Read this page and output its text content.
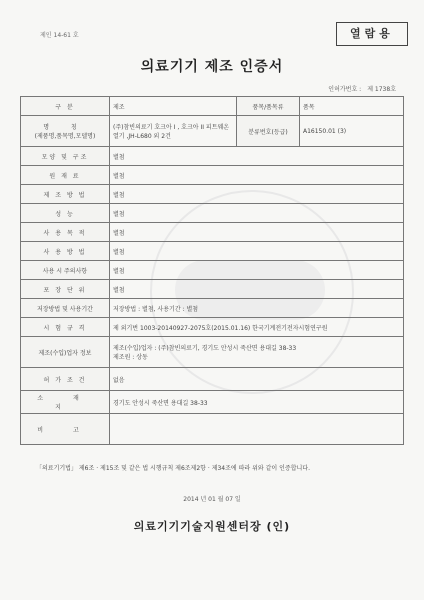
제인 14-61 호	열람용
의료기기 제조 인증서
인허가번호 : 제 1738호
구 분	제조	품목/품목류	품목

명 칭
(제품명,품목명,모델명)	(주)참빈의료기 호크아 I , 호크아 II 피트웨온열기 ,JH-L680 외 2건	분류번호(등급)	A16150.01 (3)
모양 및 구조	별첨		
원 재 료	별첨		
제 조 방 법	별첨		
성 능	별첨		
사 용 목 적	별첨		
사 용 방 법	별첨		
사용 시 주의사항	별첨		
포 장 단 위	별첨		
저장방법 및 사용기간	저장방법 : 별첨, 사용기간 : 별첨		
시 험 규 격	제 외기번 1003-20140927-2075호(2015.01.16) 한국기계전기전자시험연구원		
제조(수입)업자 정보	제조(수입)업자 : (주)참빈의료기, 경기도 안성시 죽산면 용대길 38-33
제조원 : 상동		

허 가 조 건	없음		
소 재 지	경기도 안성시 죽산면 용대길 38-33		
비 고			
「의료기기법」 제6조 · 제15조 및 같은 법 시행규칙 제6조제2항 · 제34조에 따라 위와 같이 인증합니다.
2014 년 01 월 07 일
의료기기기술지원센터장 (인)
